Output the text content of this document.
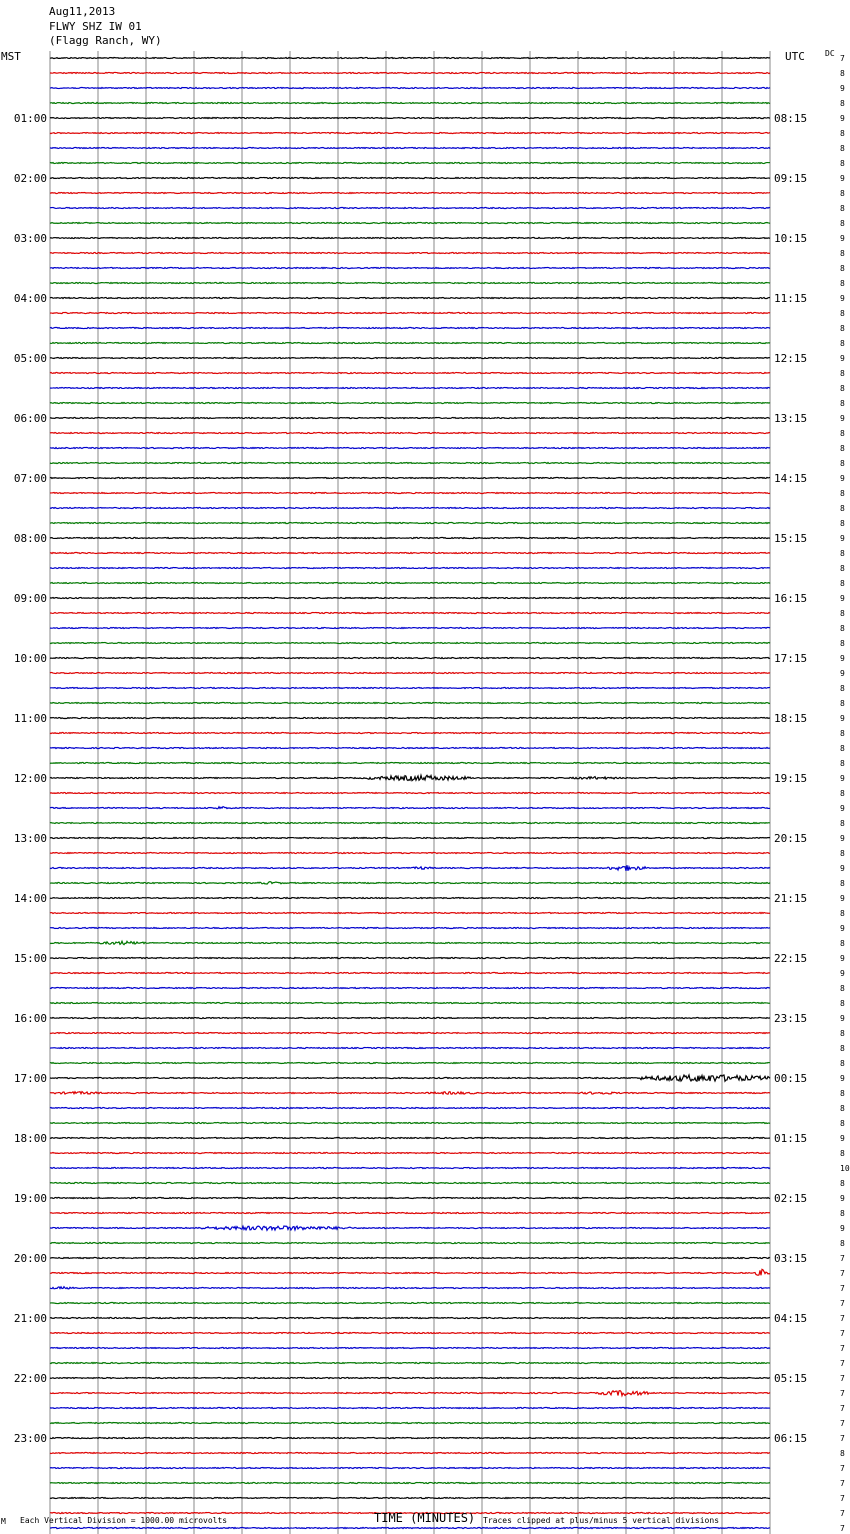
Aug11,2013
FLWY SHZ IW 01
(Flagg Ranch, WY)
7
8
9
8
9
8
8
8
9
8
8
8
9
8
8
8
9
8
8
8
9
8
8
8
9
8
8
8
9
8
8
8
9
8
8
8
9
8
8
8
9
9
8
8
9
8
8
8
9
8
9
8
9
8
9
8
9
8
9
8
9
9
8
8
9
8
8
8
9
8
8
8
9
8
10
8
9
8
9
8
7
7
7
7
7
7
7
7
7
7
7
7
7
8
7
7
7
7
7
01:00	08:15
02:00	09:15
03:00	10:15
04:00	11:15
05:00	12:15
06:00	13:15
07:00	14:15
08:00	15:15
09:00	16:15
10:00	17:15
11:00	18:15
12:00	19:15
13:00	20:15
14:00	21:15
15:00	22:15
16:00	23:15
17:00	00:15
18:00	01:15
19:00	02:15
20:00	03:15
21:00	04:15
22:00	05:15
23:00	06:15
MST	UTC	DC
M Each Vertical Division = 1000.00 microvolts	TIME (MINUTES) Traces clipped at plus/minus 5 vertical divisions
